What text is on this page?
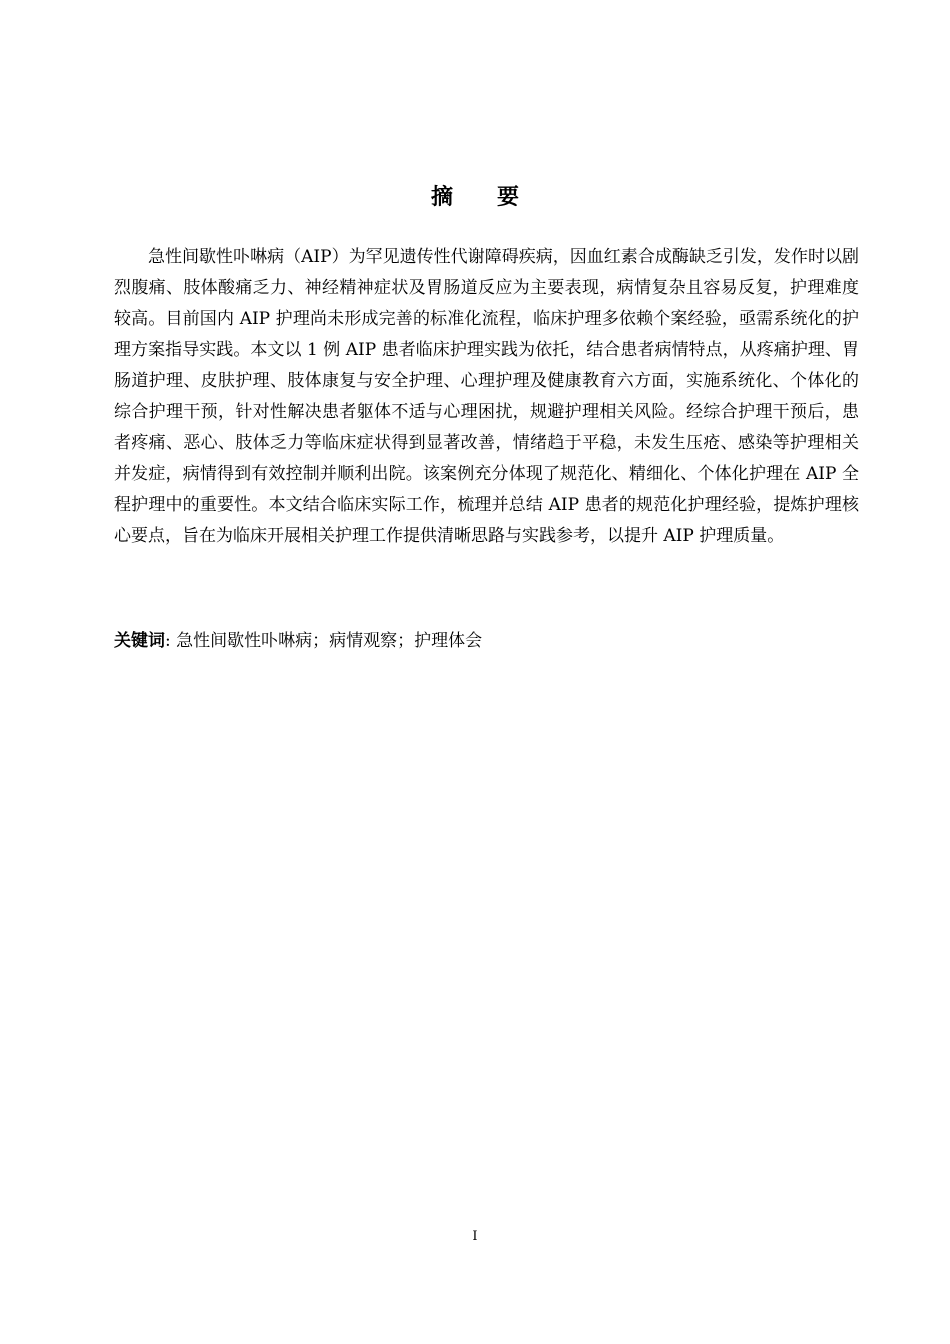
摘　　要

急性间歇性卟啉病（AIP）为罕见遗传性代谢障碍疾病，因血红素合成酶缺乏引发，发作时以剧烈腹痛、肢体酸痛乏力、神经精神症状及胃肠道反应为主要表现，病情复杂且容易反复，护理难度较高。目前国内 AIP 护理尚未形成完善的标准化流程，临床护理多依赖个案经验，亟需系统化的护理方案指导实践。本文以 1 例 AIP 患者临床护理实践为依托，结合患者病情特点，从疼痛护理、胃肠道护理、皮肤护理、肢体康复与安全护理、心理护理及健康教育六方面，实施系统化、个体化的综合护理干预，针对性解决患者躯体不适与心理困扰，规避护理相关风险。经综合护理干预后，患者疼痛、恶心、肢体乏力等临床症状得到显著改善，情绪趋于平稳，未发生压疮、感染等护理相关并发症，病情得到有效控制并顺利出院。该案例充分体现了规范化、精细化、个体化护理在 AIP 全程护理中的重要性。本文结合临床实际工作，梳理并总结 AIP 患者的规范化护理经验，提炼护理核心要点，旨在为临床开展相关护理工作提供清晰思路与实践参考，以提升 AIP 护理质量。

关键词: 急性间歇性卟啉病；病情观察；护理体会

I
